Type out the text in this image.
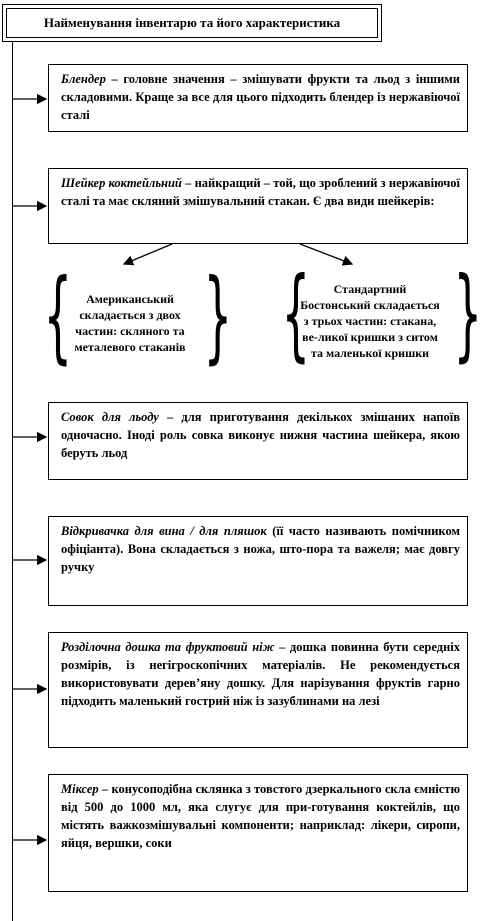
Найменування інвентарю та його характеристика
Блендер – головне значення – змішувати фрукти та льод з іншими складовими. Краще за все для цього підходить блендер із нержавіючої сталі
Шейкер коктейльний – найкращий – той, що зроблений з нержавіючої сталі та має скляний змішувальний стакан. Є два види шейкерів:
{ }
Американський складається з двох частин: скляного та металевого стаканів { }
Стандартний Бостонський складається з трьох частин: стакана, ве-ликої кришки з ситом та маленької кришки
Совок для льоду – для приготування декількох змішаних напоїв одночасно. Іноді роль совка виконує нижня частина шейкера, якою беруть льод
Відкривачка для вина / для пляшок (її часто називають помічником офіціанта). Вона складається з ножа, што-пора та важеля; має довгу ручку
Розділочна дошка та фруктовий ніж – дошка повинна бути середніх розмірів, із негігроскопічних матеріалів. Не рекомендується використовувати дерев’яну дошку. Для нарізування фруктів гарно підходить маленький гострий ніж із зазублинами на лезі
Міксер – конусоподібна склянка з товстого дзеркального скла ємністю від 500 до 1000 мл, яка слугує для при-готування коктейлів, що містять важкозмішувальні компоненти; наприклад: лікери, сиропи, яйця, вершки, соки
